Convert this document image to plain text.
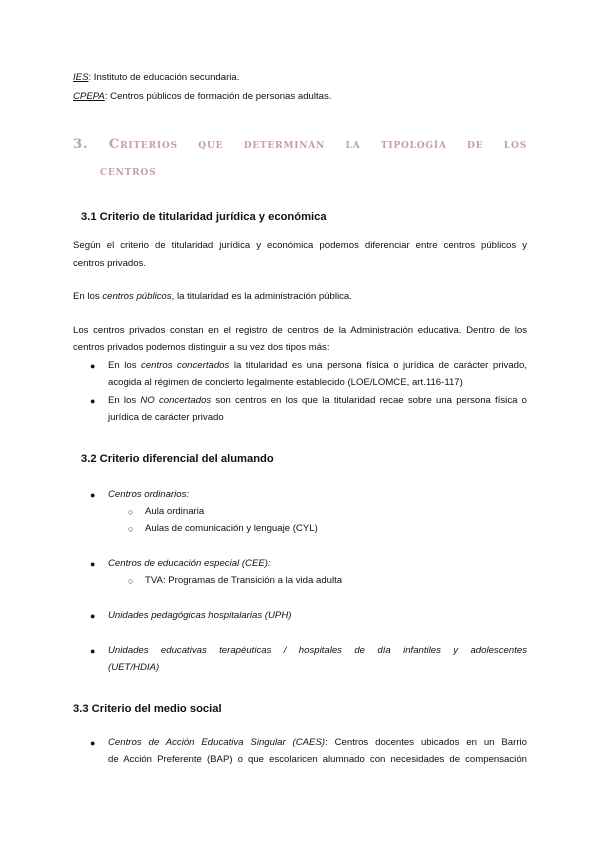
IES: Instituto de educación secundaria.
CPEPA: Centros públicos de formación de personas adultas.
3. Criterios que determinan la tipología de los
centros
3.1 Criterio de titularidad jurídica y económica
Según el criterio de titularidad jurídica y económica podemos diferenciar entre centros públicos y
centros privados.
En los centros públicos, la titularidad es la administración pública.
Los centros privados constan en el registro de centros de la Administración educativa. Dentro de los
centros privados podemos distinguir a su vez dos tipos más:
● En los centros concertados la titularidad es una persona física o jurídica de carácter privado,
acogida al régimen de concierto legalmente establecido (LOE/LOMCE, art.116-117)
● En los NO concertados son centros en los que la titularidad recae sobre una persona física o
jurídica de carácter privado
3.2 Criterio diferencial del alumando
● Centros ordinarios:
○ Aula ordinaria
○ Aulas de comunicación y lenguaje (CYL)
● Centros de educación especial (CEE):
○ TVA: Programas de Transición a la vida adulta
● Unidades pedagógicas hospitalarias (UPH)
● Unidades educativas terapéuticas / hospitales de día infantiles y adolescentes
(UET/HDIA)
3.3 Criterio del medio social
● Centros de Acción Educativa Singular (CAES): Centros docentes ubicados en un Barrio
de Acción Preferente (BAP) o que escolaricen alumnado con necesidades de compensación
